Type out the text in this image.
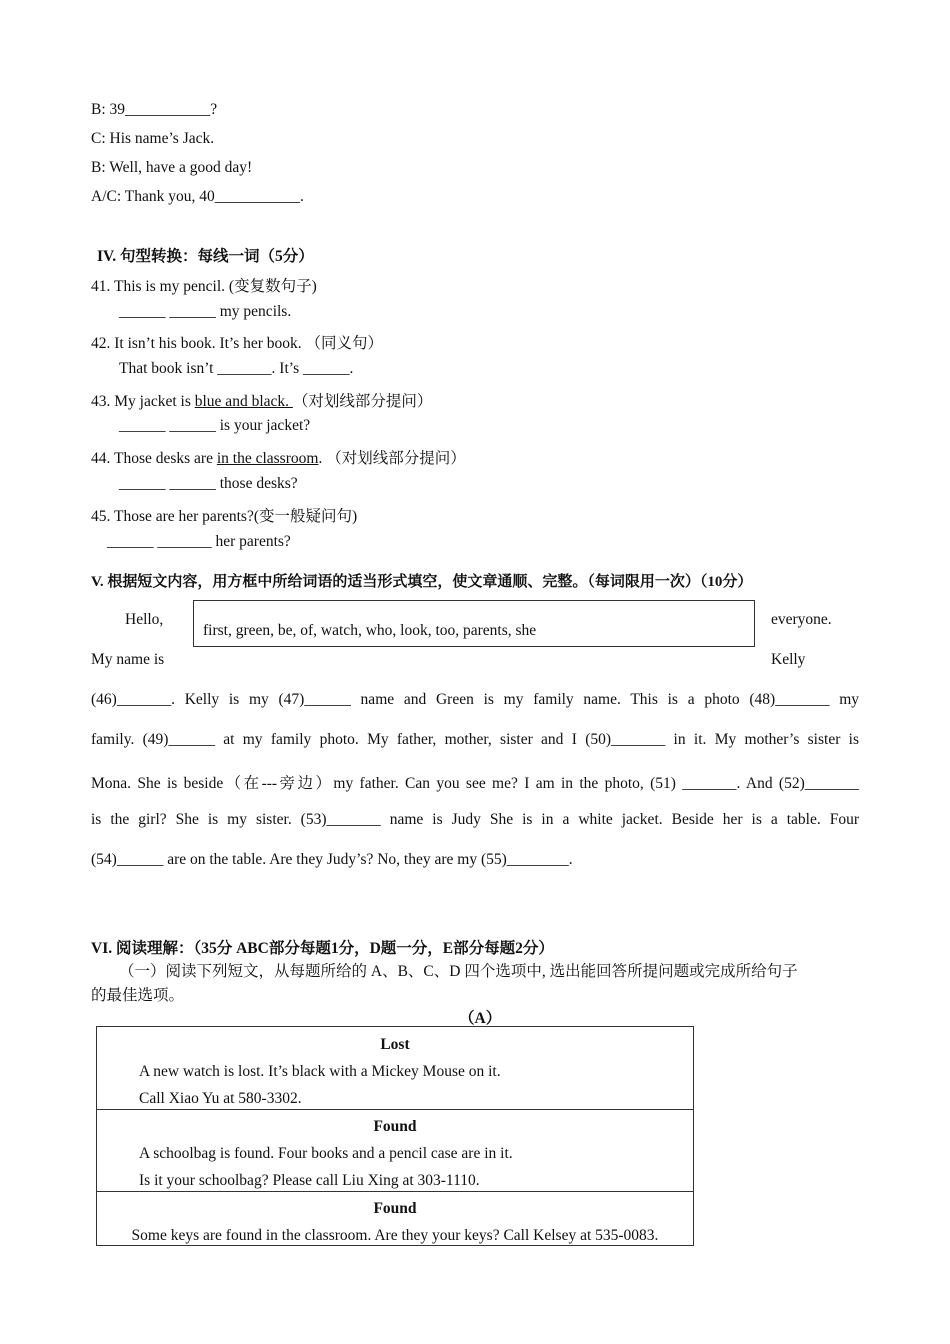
B: 39___________?
C: His name’s Jack.
B: Well, have a good day!
A/C: Thank you, 40___________.
IV. 句型转换：每线一词（5分）
41. This is my pencil. (变复数句子)
______ ______ my pencils.
42. It isn’t his book. It’s her book. （同义句）
That book isn’t _______. It’s ______.
43. My jacket is blue and black. （对划线部分提问）
______ ______ is your jacket?
44. Those desks are in the classroom. （对划线部分提问）
______ ______ those desks?
45. Those are her parents?(变一般疑问句)
______ _______ her parents?
V. 根据短文内容，用方框中所给词语的适当形式填空，使文章通顺、完整。（每词限用一次）（10分）
Hello,
first, green, be, of, watch, who, look, too, parents, she
everyone.
My name is	Kelly
(46)_______. Kelly is my (47)______ name and Green is my family name. This is a photo (48)_______ my
family. (49)______ at my family photo. My father, mother, sister and I (50)_______ in it. My mother’s sister is
Mona. She is beside（在---旁边）my father. Can you see me? I am in the photo, (51) _______. And (52)_______
is the girl? She is my sister. (53)_______ name is Judy She is in a white jacket. Beside her is a table. Four
(54)______ are on the table. Are they Judy’s? No, they are my (55)________.
VI. 阅读理解：（35分 ABC部分每题1分，D题一分，E部分每题2分）
（一）阅读下列短文，从每题所给的 A、B、C、D 四个选项中, 选出能回答所提问题或完成所给句子
的最佳选项。
（A）
Lost
A new watch is lost. It’s black with a Mickey Mouse on it.
Call Xiao Yu at 580-3302.
Found
A schoolbag is found. Four books and a pencil case are in it.
Is it your schoolbag? Please call Liu Xing at 303-1110.
Found
Some keys are found in the classroom. Are they your keys? Call Kelsey at 535-0083.
